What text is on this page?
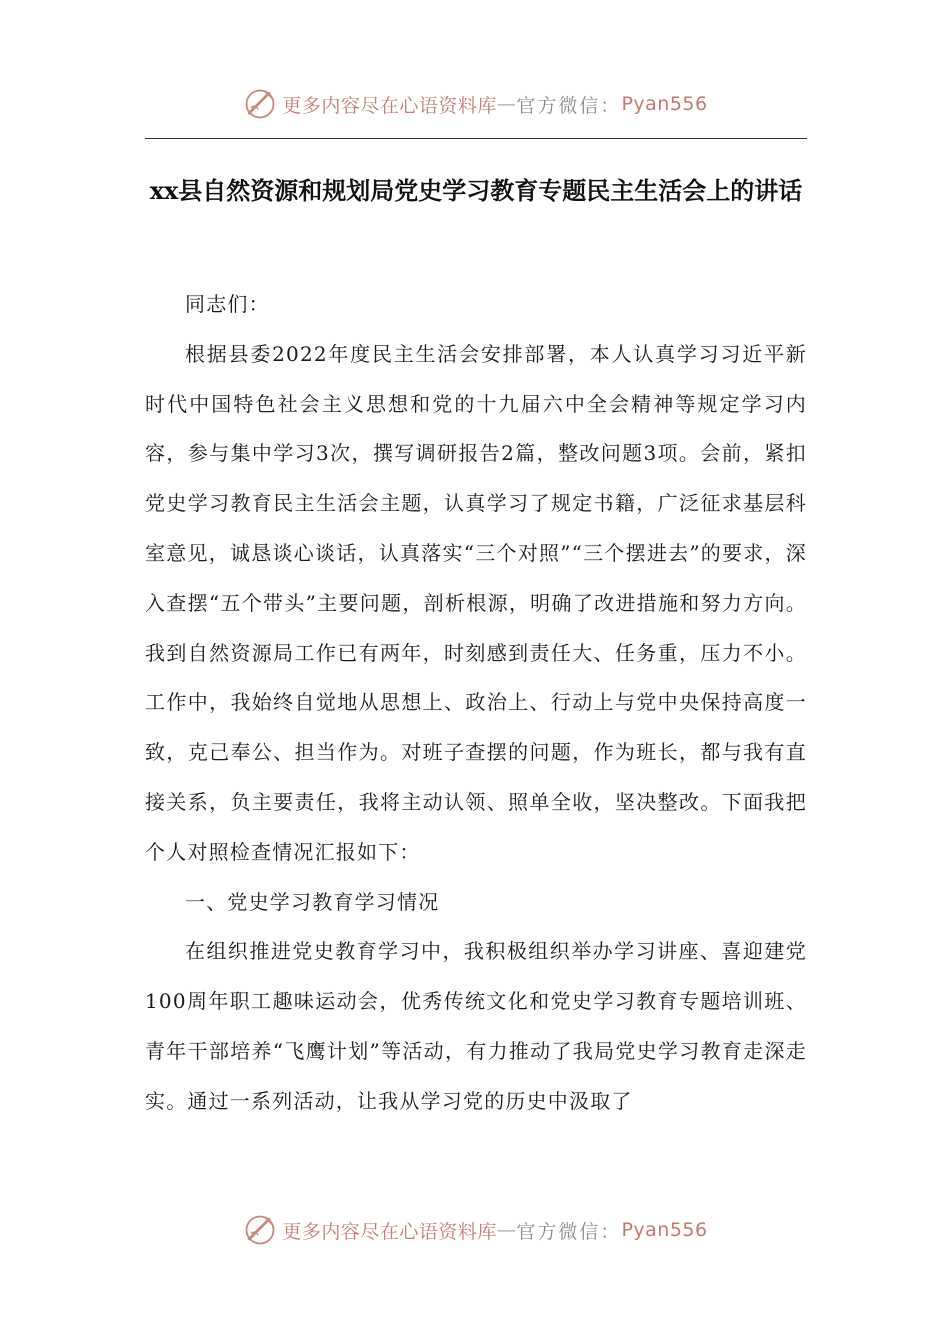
更多内容尽在心语资料库 — 官方微信： Pyan556
xx县自然资源和规划局党史学习教育专题民主生活会上的讲话

同志们：

根据县委2022年度民主生活会安排部署，本人认真学习习近平新时代中国特色社会主义思想和党的十九届六中全会精神等规定学习内容，参与集中学习3次，撰写调研报告2篇，整改问题3项。会前，紧扣党史学习教育民主生活会主题，认真学习了规定书籍，广泛征求基层科室意见，诚恳谈心谈话，认真落实“三个对照”“三个摆进去”的要求，深入查摆“五个带头”主要问题，剖析根源，明确了改进措施和努力方向。我到自然资源局工作已有两年，时刻感到责任大、任务重，压力不小。工作中，我始终自觉地从思想上、政治上、行动上与党中央保持高度一致，克己奉公、担当作为。对班子查摆的问题，作为班长，都与我有直接关系，负主要责任，我将主动认领、照单全收，坚决整改。下面我把个人对照检查情况汇报如下：

一、党史学习教育学习情况

在组织推进党史教育学习中，我积极组织举办学习讲座、喜迎建党100周年职工趣味运动会，优秀传统文化和党史学习教育专题培训班、青年干部培养“飞鹰计划”等活动，有力推动了我局党史学习教育走深走实。通过一系列活动，让我从学习党的历史中汲取了

更多内容尽在心语资料库 — 官方微信： Pyan556
